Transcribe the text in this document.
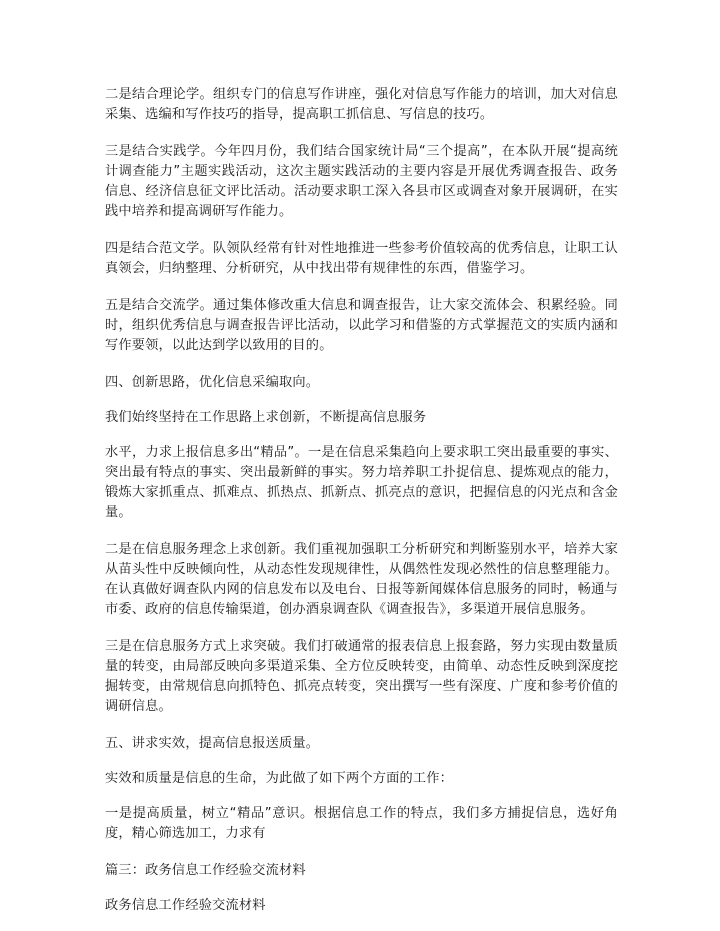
二是结合理论学。组织专门的信息写作讲座，强化对信息写作能力的培训，加大对信息采集、选编和写作技巧的指导，提高职工抓信息、写信息的技巧。

三是结合实践学。今年四月份，我们结合国家统计局“三个提高”，在本队开展“提高统计调查能力”主题实践活动，这次主题实践活动的主要内容是开展优秀调查报告、政务信息、经济信息征文评比活动。活动要求职工深入各县市区或调查对象开展调研，在实践中培养和提高调研写作能力。

四是结合范文学。队领队经常有针对性地推进一些参考价值较高的优秀信息，让职工认真领会，归纳整理、分析研究，从中找出带有规律性的东西，借鉴学习。

五是结合交流学。通过集体修改重大信息和调查报告，让大家交流体会、积累经验。同时，组织优秀信息与调查报告评比活动，以此学习和借鉴的方式掌握范文的实质内涵和写作要领，以此达到学以致用的目的。

四、创新思路，优化信息采编取向。

我们始终坚持在工作思路上求创新，不断提高信息服务

水平，力求上报信息多出“精品”。一是在信息采集趋向上要求职工突出最重要的事实、突出最有特点的事实、突出最新鲜的事实。努力培养职工扑捉信息、提炼观点的能力，锻炼大家抓重点、抓难点、抓热点、抓新点、抓亮点的意识，把握信息的闪光点和含金量。

二是在信息服务理念上求创新。我们重视加强职工分析研究和判断鉴别水平，培养大家从苗头性中反映倾向性，从动态性发现规律性，从偶然性发现必然性的信息整理能力。在认真做好调查队内网的信息发布以及电台、日报等新闻媒体信息服务的同时，畅通与市委、政府的信息传输渠道，创办酒泉调查队《调查报告》，多渠道开展信息服务。

三是在信息服务方式上求突破。我们打破通常的报表信息上报套路，努力实现由数量质量的转变，由局部反映向多渠道采集、全方位反映转变，由简单、动态性反映到深度挖掘转变，由常规信息向抓特色、抓亮点转变，突出撰写一些有深度、广度和参考价值的调研信息。

五、讲求实效，提高信息报送质量。

实效和质量是信息的生命，为此做了如下两个方面的工作：

一是提高质量，树立“精品”意识。根据信息工作的特点，我们多方捕捉信息，选好角度，精心筛选加工，力求有

篇三：政务信息工作经验交流材料

政务信息工作经验交流材料
